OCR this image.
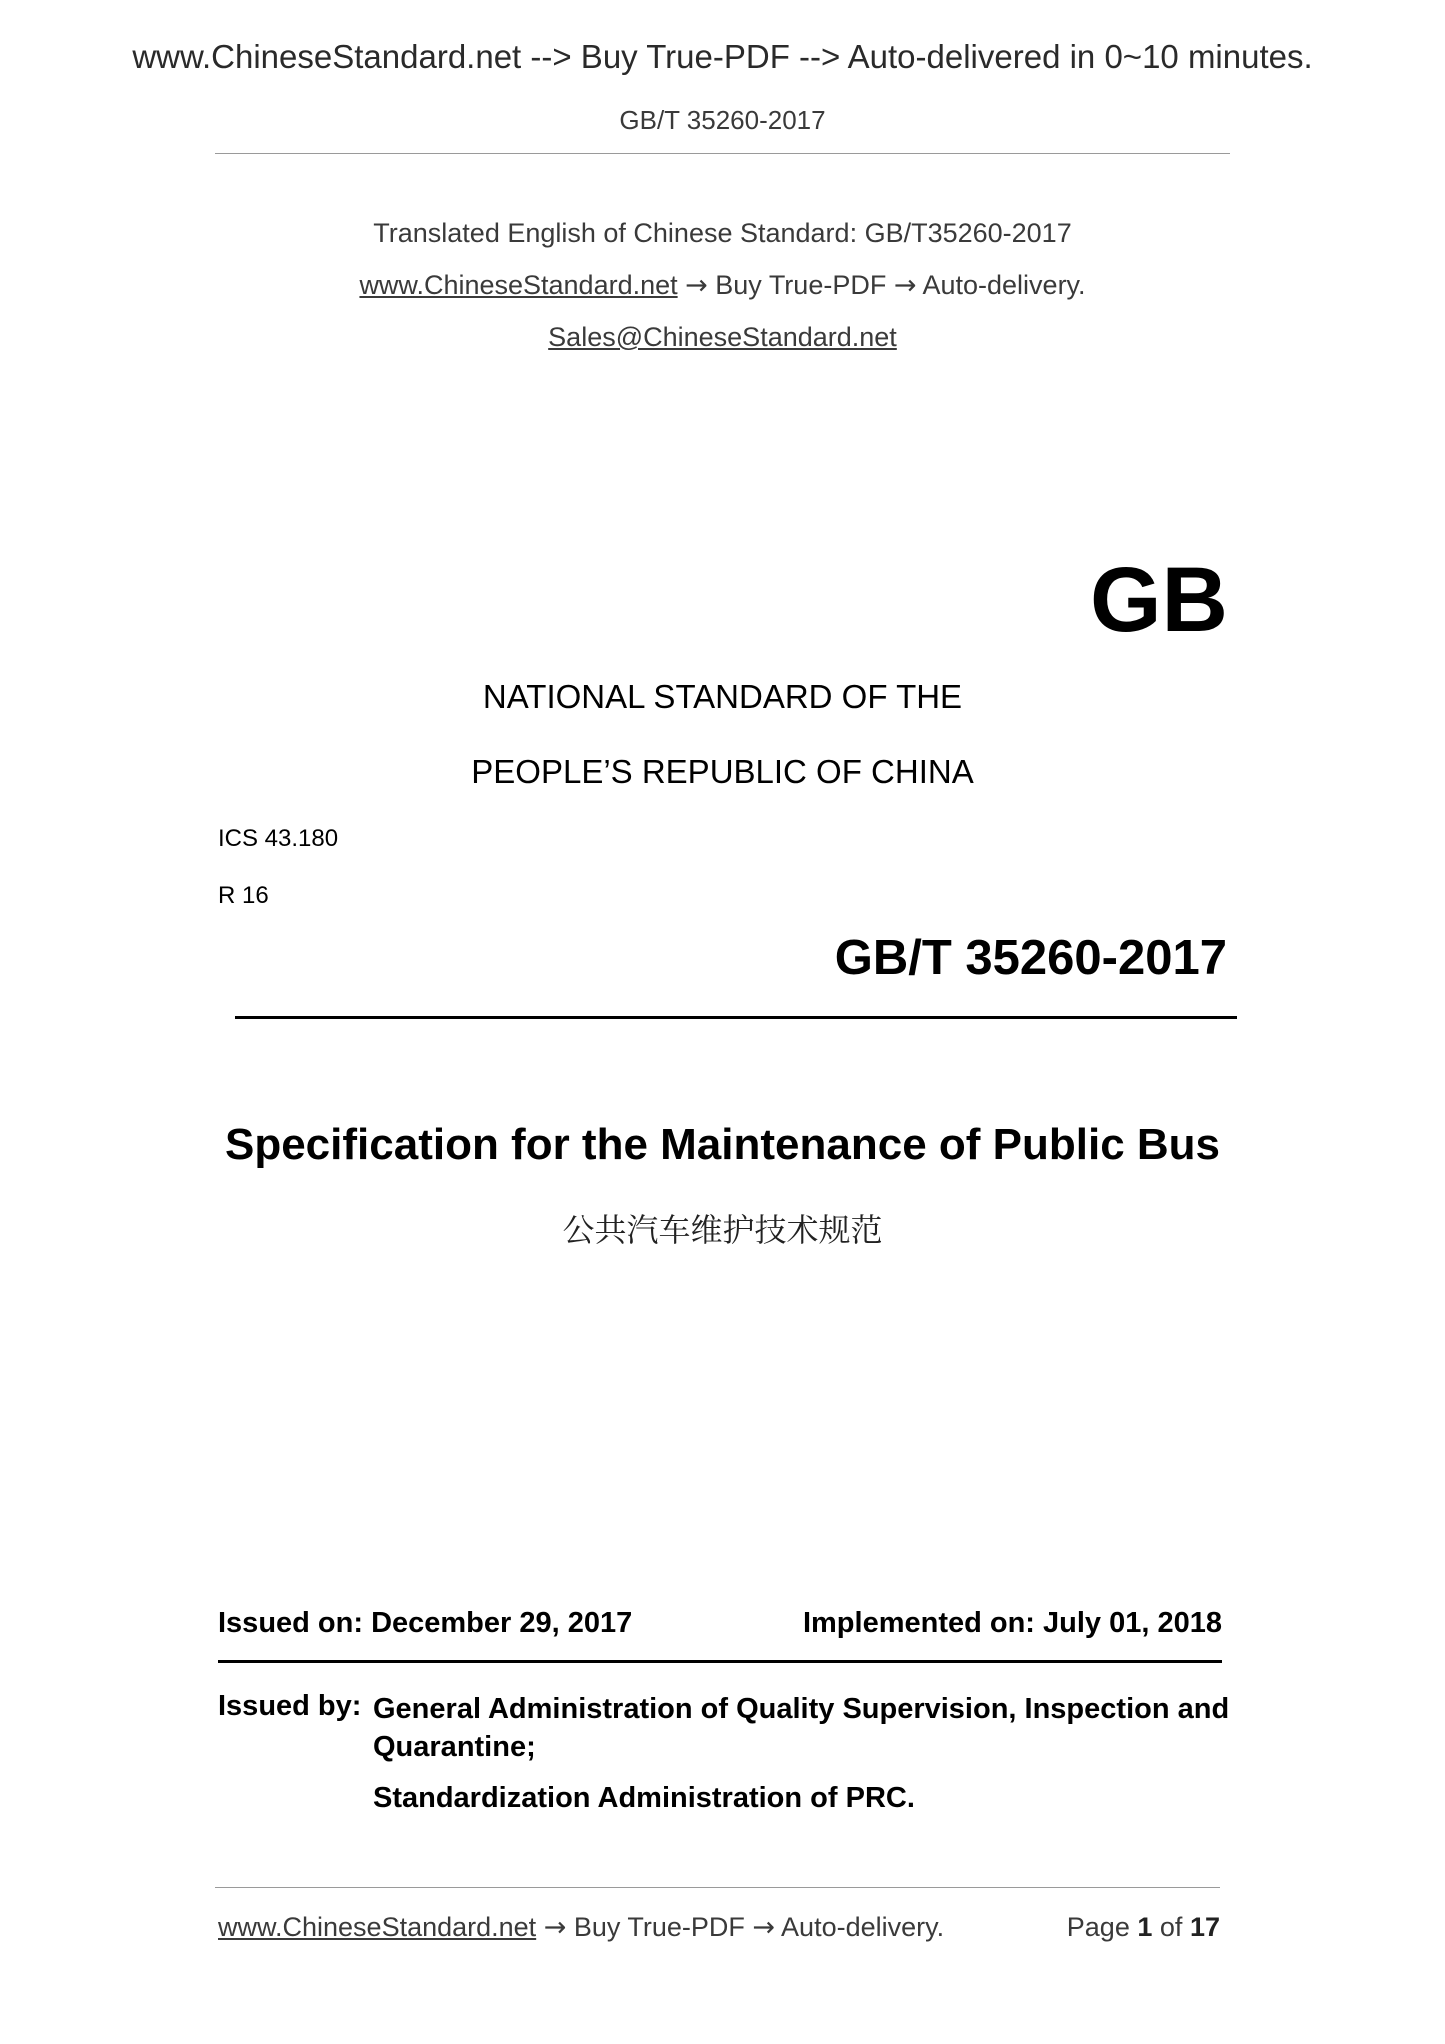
www.ChineseStandard.net --> Buy True-PDF --> Auto-delivered in 0~10 minutes.
GB/T 35260-2017
Translated English of Chinese Standard: GB/T35260-2017
www.ChineseStandard.net → Buy True-PDF → Auto-delivery.
Sales@ChineseStandard.net
GB
NATIONAL STANDARD OF THE
PEOPLE’S REPUBLIC OF CHINA
ICS 43.180
R 16
GB/T 35260-2017
Specification for the Maintenance of Public Bus
公共汽车维护技术规范
Issued on: December 29, 2017	Implemented on: July 01, 2018
Issued by: General Administration of Quality Supervision, Inspection and Quarantine;
Standardization Administration of PRC.
www.ChineseStandard.net → Buy True-PDF → Auto-delivery.	Page 1 of 17
